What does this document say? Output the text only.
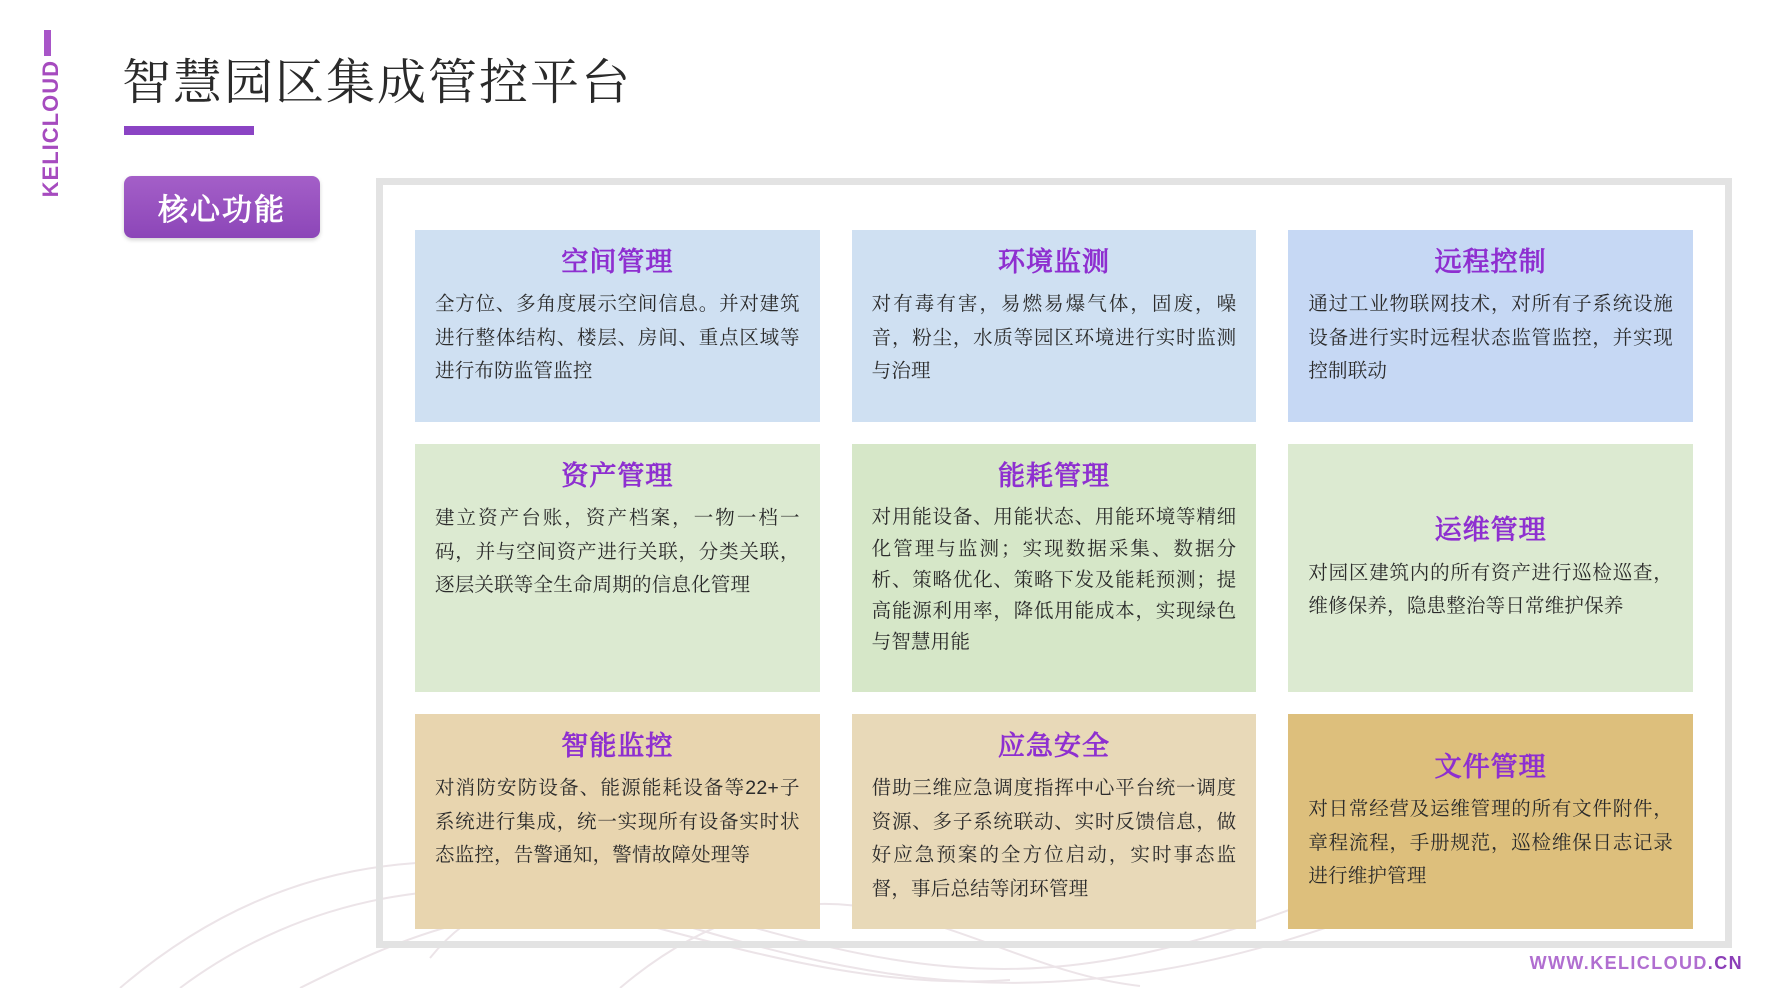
KELICLOUD 智慧园区集成管控平台
核心功能
空间管理
全方位、多角度展示空间信息。并对建筑进行整体结构、楼层、房间、重点区域等进行布防监管监控
环境监测
对有毒有害，易燃易爆气体，固废，噪音，粉尘，水质等园区环境进行实时监测与治理
远程控制
通过工业物联网技术，对所有子系统设施设备进行实时远程状态监管监控，并实现控制联动
资产管理
建立资产台账，资产档案，一物一档一码，并与空间资产进行关联，分类关联，逐层关联等全生命周期的信息化管理
能耗管理
对用能设备、用能状态、用能环境等精细化管理与监测；实现数据采集、数据分析、策略优化、策略下发及能耗预测；提高能源利用率，降低用能成本，实现绿色与智慧用能
运维管理
对园区建筑内的所有资产进行巡检巡查，维修保养，隐患整治等日常维护保养
智能监控
对消防安防设备、能源能耗设备等22+子系统进行集成，统一实现所有设备实时状态监控，告警通知，警情故障处理等
应急安全
借助三维应急调度指挥中心平台统一调度资源、多子系统联动、实时反馈信息，做好应急预案的全方位启动，实时事态监督，事后总结等闭环管理
文件管理
对日常经营及运维管理的所有文件附件，章程流程，手册规范，巡检维保日志记录进行维护管理
WWW.KELICLOUD.CN
